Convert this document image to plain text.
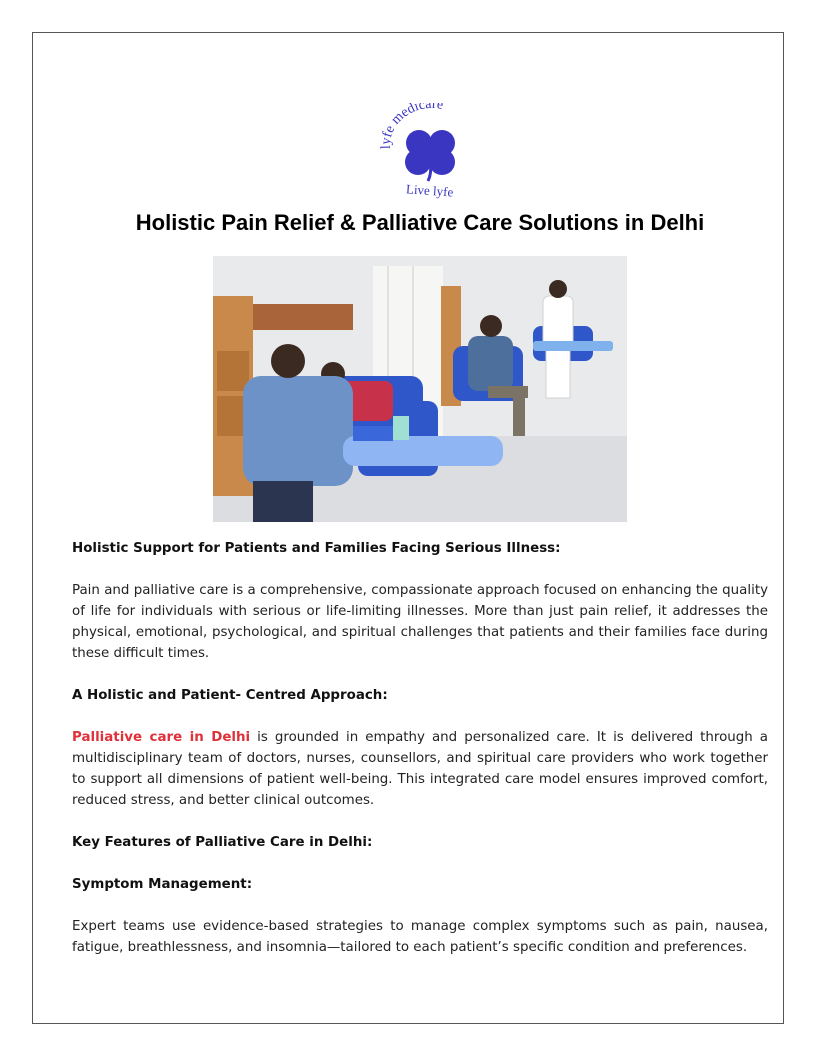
lyfe medicare
Live lyfe
Holistic Pain Relief & Palliative Care Solutions in Delhi
Holistic Support for Patients and Families Facing Serious Illness:

Pain and palliative care is a comprehensive, compassionate approach focused on enhancing the quality of life for individuals with serious or life-limiting illnesses. More than just pain relief, it addresses the physical, emotional, psychological, and spiritual challenges that patients and their families face during these difficult times.

A Holistic and Patient- Centred Approach:

Palliative care in Delhi is grounded in empathy and personalized care. It is delivered through a multidisciplinary team of doctors, nurses, counsellors, and spiritual care providers who work together to support all dimensions of patient well-being. This integrated care model ensures improved comfort, reduced stress, and better clinical outcomes.

Key Features of Palliative Care in Delhi:
Symptom Management:

Expert teams use evidence-based strategies to manage complex symptoms such as pain, nausea, fatigue, breathlessness, and insomnia—tailored to each patient’s specific condition and preferences.
